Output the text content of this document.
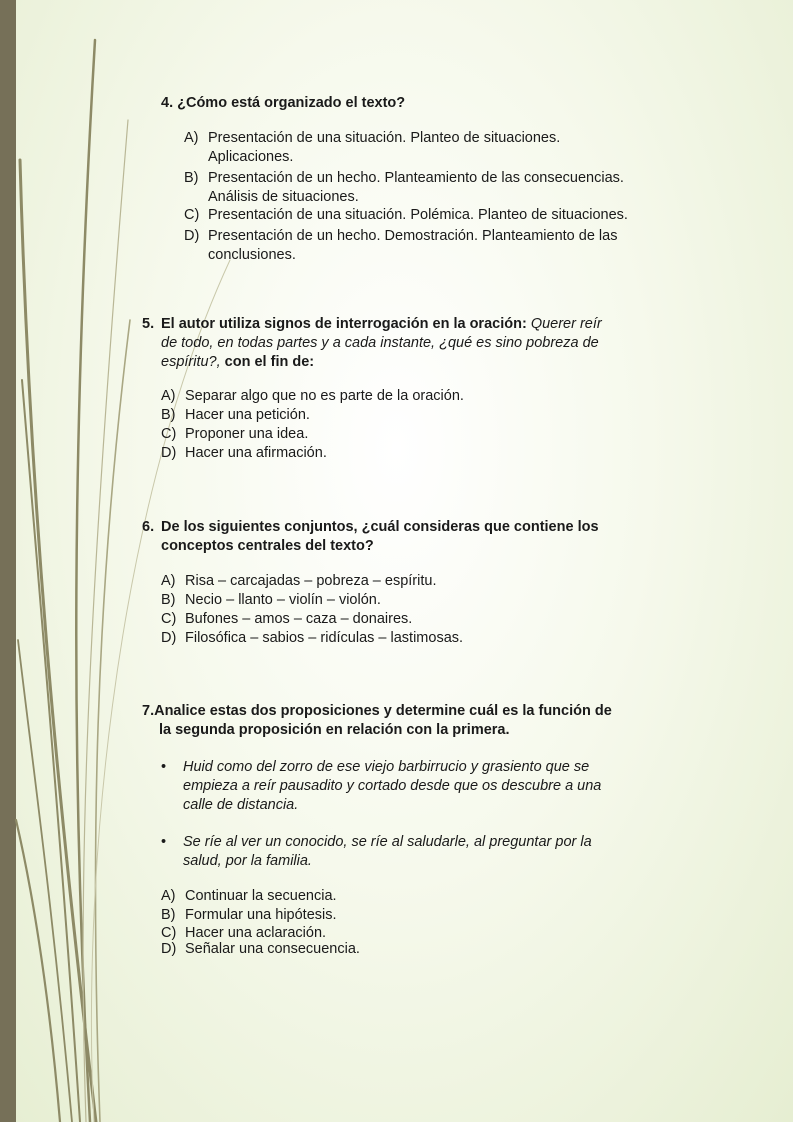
4. ¿Cómo está organizado el texto?
A) Presentación de una situación. Planteo de situaciones.
Aplicaciones.
B) Presentación de un hecho. Planteamiento de las consecuencias.
Análisis de situaciones.
C) Presentación de una situación. Polémica. Planteo de situaciones.
D) Presentación de un hecho. Demostración. Planteamiento de las
conclusiones.
5. El autor utiliza signos de interrogación en la oración: Querer reír
de todo, en todas partes y a cada instante, ¿qué es sino pobreza de
espíritu?, con el fin de:
A) Separar algo que no es parte de la oración.
B) Hacer una petición.
C) Proponer una idea.
D) Hacer una afirmación.
6. De los siguientes conjuntos, ¿cuál consideras que contiene los
conceptos centrales del texto?
A) Risa – carcajadas – pobreza – espíritu.
B) Necio – llanto – violín – violón.
C) Bufones – amos – caza – donaires.
D) Filosófica – sabios – ridículas – lastimosas.
7.Analice estas dos proposiciones y determine cuál es la función de
la segunda proposición en relación con la primera.
•	Huid como del zorro de ese viejo barbirrucio y grasiento que se
empieza a reír pausadito y cortado desde que os descubre a una
calle de distancia.
•	Se ríe al ver un conocido, se ríe al saludarle, al preguntar por la
salud, por la familia.
A) Continuar la secuencia.
B) Formular una hipótesis.
C) Hacer una aclaración.
D) Señalar una consecuencia.
